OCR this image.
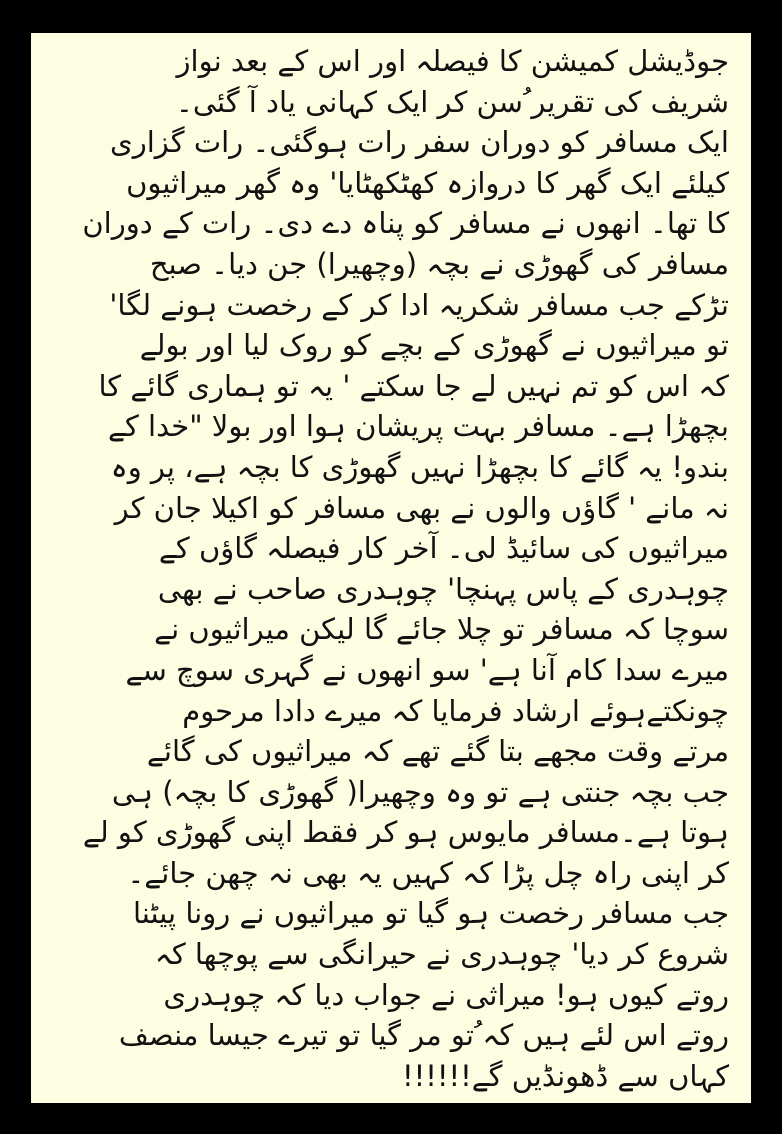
جوڈیشل کمیشن کا فیصلہ اور اس کے بعد نواز
شریف کی تقریر ُسن کر ایک کہانی یاد آ گئی۔
ایک مسافر کو دوران سفر رات ہوگئی۔ رات گزاری
کیلئے ایک گھر کا دروازہ کھٹکھٹایا' وہ گھر میراثیوں
کا تھا۔ انھوں نے مسافر کو پناہ دے دی۔ رات کے دوران
مسافر کی گھوڑی نے بچہ (وچھیرا) جن دیا۔ صبح
تڑکے جب مسافر شکریہ ادا کر کے رخصت ہونے لگا'
تو میراثیوں نے گھوڑی کے بچے کو روک لیا اور بولے
کہ اس کو تم نہیں لے جا سکتے ' یہ تو ہماری گائے کا
بچھڑا ہے۔ مسافر بہت پریشان ہوا اور بولا "خدا کے
بندو! یہ گائے کا بچھڑا نہیں گھوڑی کا بچہ ہے، پر وہ
نہ مانے ' گاؤں والوں نے بھی مسافر کو اکیلا جان کر
میراثیوں کی سائیڈ لی۔ آخر کار فیصلہ گاؤں کے
چوہدری کے پاس پہنچا' چوہدری صاحب نے بھی
سوچا کہ مسافر تو چلا جائے گا لیکن میراثیوں نے
میرے سدا کام آنا ہے' سو انھوں نے گہری سوچ سے
چونکتےہوئے ارشاد فرمایا کہ میرے دادا مرحوم
مرتے وقت مجھے بتا گئے تھے کہ میراثیوں کی گائے
جب بچہ جنتی ہے تو وہ وچھیرا( گھوڑی کا بچہ) ہی
ہوتا ہے۔مسافر مایوس ہو کر فقط اپنی گھوڑی کو لے
کر اپنی راہ چل پڑا کہ کہیں یہ بھی نہ چھن جائے۔
جب مسافر رخصت ہو گیا تو میراثیوں نے رونا پیٹنا
شروع کر دیا' چوہدری نے حیرانگی سے پوچھا کہ
روتے کیوں ہو! میراثی نے جواب دیا کہ چوہدری
روتے اس لئے ہیں کہ ُتو مر گیا تو تیرے جیسا منصف
کہاں سے ڈھونڈیں گے!!!!!!
